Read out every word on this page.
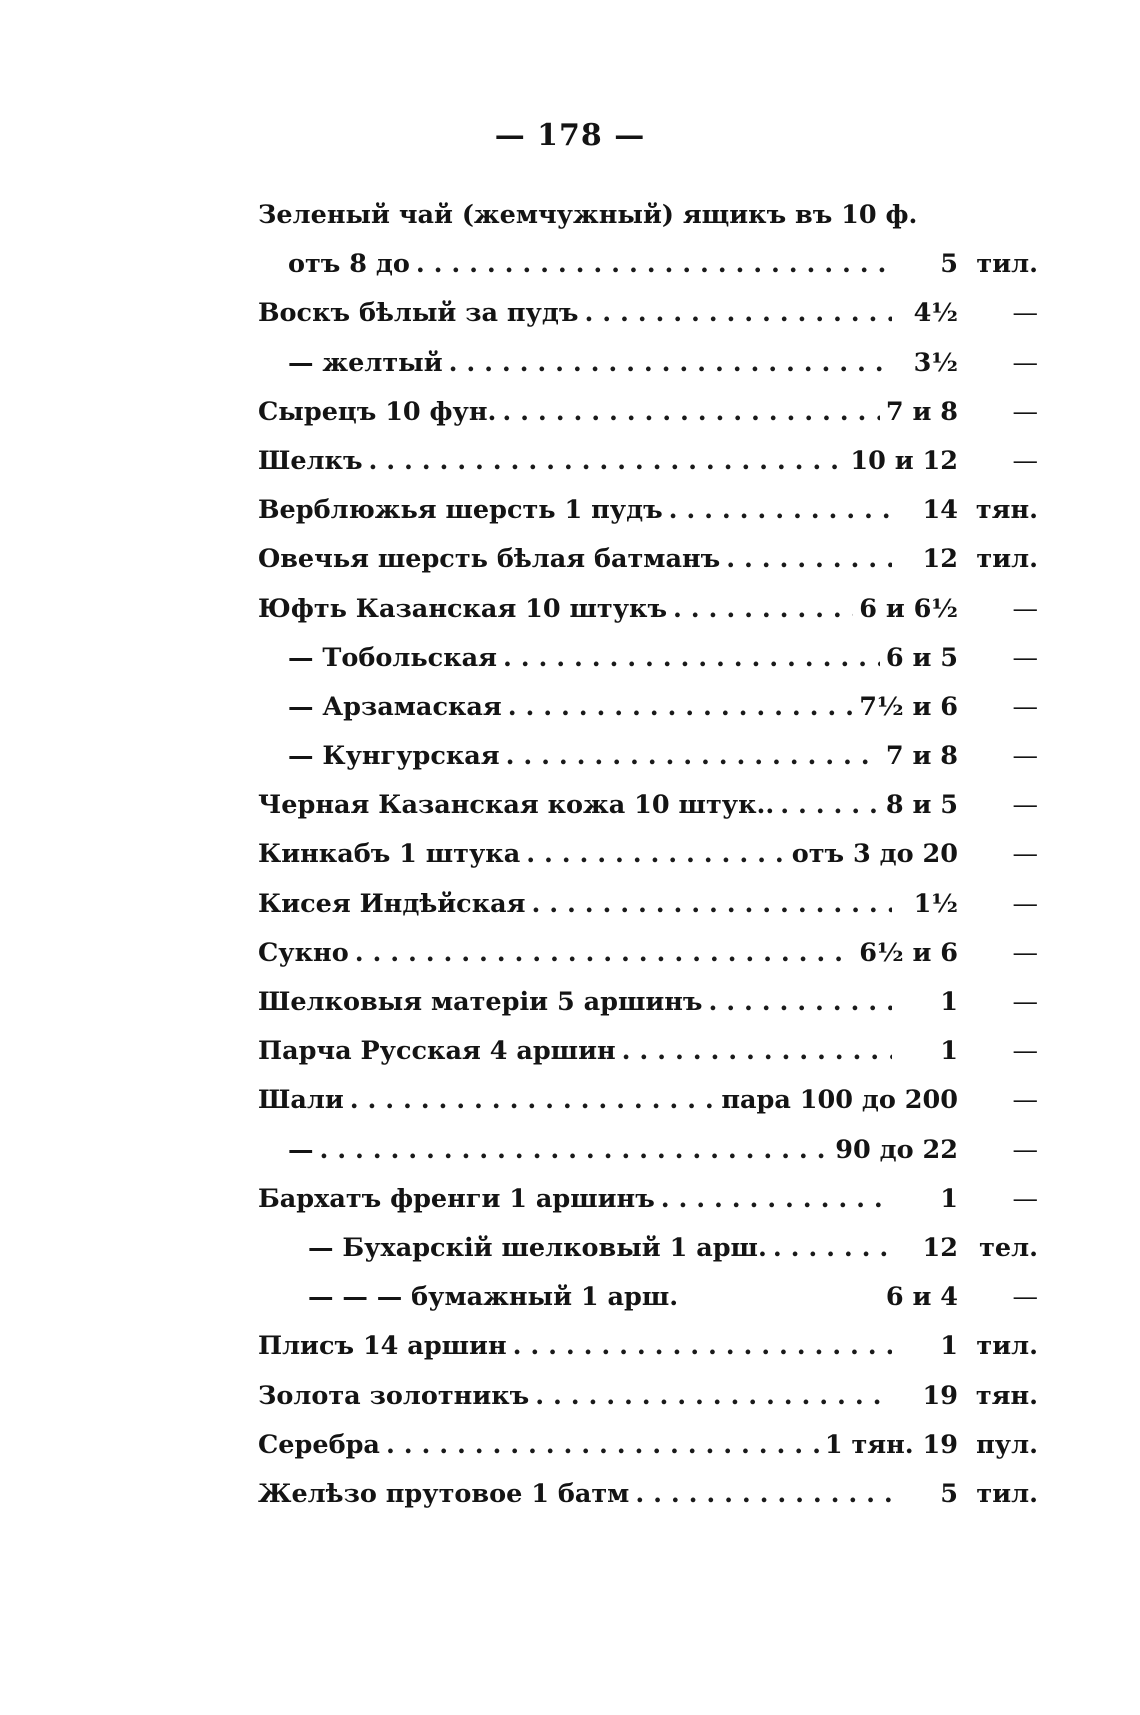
— 178 —
Зеленый чай (жемчужный) ящикъ въ 10 ф.
отъ 8 до . . .	5 тил.
Воскъ бѣлый за пудъ . . .	4½	—
— желтый . . .	3½	—
Сырецъ 10 фун. . . .	7 и 8	—
Шелкъ . . .	10 и 12	—
Верблюжья шерсть 1 пудъ . . .	14 тян.
Овечья шерсть бѣлая батманъ . . .	12 тил.
Юфть Казанская 10 штукъ . . .	6 и 6½	—
— Тобольская . . .	6 и 5	—
— Арзамаская . . .	7½ и 6	—
— Кунгурская . . .	7 и 8	—
Черная Казанская кожа 10 штук.. . . .	8 и 5	—
Кинкабъ 1 штука . . .	отъ 3 до 20	—
Кисея Индѣйская . . .	1½	—
Сукно . . .	6½ и 6	—
Шелковыя матеріи 5 аршинъ . . .	1	—
Парча Русская 4 аршин . . .	1	—
Шали . . .	пара 100 до 200	—
— . . .	90 до 22	—
Бархатъ френги 1 аршинъ . . .	1	—
— Бухарскій шелковый 1 арш. . . .	12 тел.
— — — бумажный 1 арш.	6 и 4	—
Плисъ 14 аршин . . .	1 тил.
Золота золотникъ . . .	19 тян.
Серебра . . .	1 тян. 19 пул.
Желѣзо прутовое 1 батм . . .	5 тил.
